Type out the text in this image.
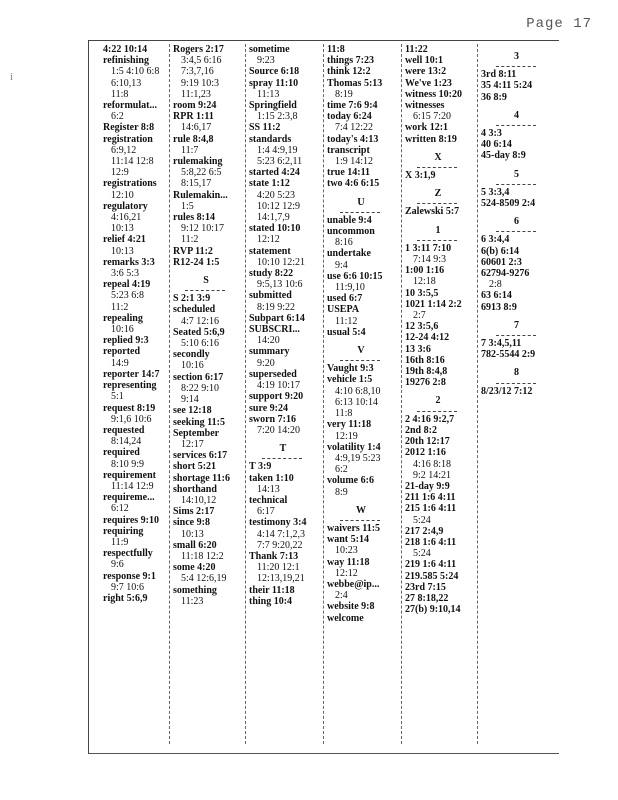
Page 17
i
4:22 10:14
refinishing
1:5 4:10 6:8
6:10,13
11:8
reformulat...
6:2
Register 8:8
registration
6:9,12
11:14 12:8
12:9
registrations
12:10
regulatory
4:16,21
10:13
relief 4:21
10:13
remarks 3:3
3:6 5:3
repeal 4:19
5:23 6:8
11:2
repealing
10:16
replied 9:3
reported
14:9
reporter 14:7
representing
5:1
request 8:19
9:1,6 10:6
requested
8:14,24
required
8:10 9:9
requirement
11:14 12:9
requireme...
6:12
requires 9:10
requiring
11:9
respectfully
9:6
response 9:1
9:7 10:6
right 5:6,9
Rogers 2:17
3:4,5 6:16
7:3,7,16
9:19 10:3
11:1,23
room 9:24
RPR 1:11
14:6,17
rule 8:4,8
11:7
rulemaking
5:8,22 6:5
8:15,17
Rulemakin...
1:5
rules 8:14
9:12 10:17
11:2
RVP 11:2
R12-24 1:5
S
S 2:1 3:9
scheduled
4:7 12:16
Seated 5:6,9
5:10 6:16
secondly
10:16
section 6:17
8:22 9:10
9:14
see 12:18
seeking 11:5
September
12:17
services 6:17
short 5:21
shortage 11:6
shorthand
14:10,12
Sims 2:17
since 9:8
10:13
small 6:20
11:18 12:2
some 4:20
5:4 12:6,19
something
11:23
sometime
9:23
Source 6:18
spray 11:10
11:13
Springfield
1:15 2:3,8
SS 11:2
standards
1:4 4:9,19
5:23 6:2,11
started 4:24
state 1:12
4:20 5:23
10:12 12:9
14:1,7,9
stated 10:10
12:12
statement
10:10 12:21
study 8:22
9:5,13 10:6
submitted
8:19 9:22
Subpart 6:14
SUBSCRI...
14:20
summary
9:20
superseded
4:19 10:17
support 9:20
sure 9:24
sworn 7:16
7:20 14:20
T
T 3:9
taken 1:10
14:13
technical
6:17
testimony 3:4
4:14 7:1,2,3
7:7 9:20,22
Thank 7:13
11:20 12:1
12:13,19,21
their 11:18
thing 10:4
11:8
things 7:23
think 12:2
Thomas 5:13
8:19
time 7:6 9:4
today 6:24
7:4 12:22
today's 4:13
transcript
1:9 14:12
true 14:11
two 4:6 6:15
U
unable 9:4
uncommon
8:16
undertake
9:4
use 6:6 10:15
11:9,10
used 6:7
USEPA
11:12
usual 5:4
V
Vaught 9:3
vehicle 1:5
4:10 6:8,10
6:13 10:14
11:8
very 11:18
12:19
volatility 1:4
4:9,19 5:23
6:2
volume 6:6
8:9
W
waivers 11:5
want 5:14
10:23
way 11:18
12:12
webbe@ip...
2:4
website 9:8
welcome
11:22
well 10:1
were 13:2
We've 1:23
witness 10:20
witnesses
6:15 7:20
work 12:1
written 8:19
X
X 3:1,9
Z
Zalewski 5:7
1
1 3:11 7:10
7:14 9:3
1:00 1:16
12:18
10 3:5,5
1021 1:14 2:2
2:7
12 3:5,6
12-24 4:12
13 3:6
16th 8:16
19th 8:4,8
19276 2:8
2
2 4:16 9:2,7
2nd 8:2
20th 12:17
2012 1:16
4:16 8:18
9:2 14:21
21-day 9:9
211 1:6 4:11
215 1:6 4:11
5:24
217 2:4,9
218 1:6 4:11
5:24
219 1:6 4:11
219.585 5:24
23rd 7:15
27 8:18,22
27(b) 9:10,14
3
3rd 8:11
35 4:11 5:24
36 8:9
4
4 3:3
40 6:14
45-day 8:9
5
5 3:3,4
524-8509 2:4
6
6 3:4,4
6(b) 6:14
60601 2:3
62794-9276
2:8
63 6:14
6913 8:9
7
7 3:4,5,11
782-5544 2:9
8
8/23/12 7:12
